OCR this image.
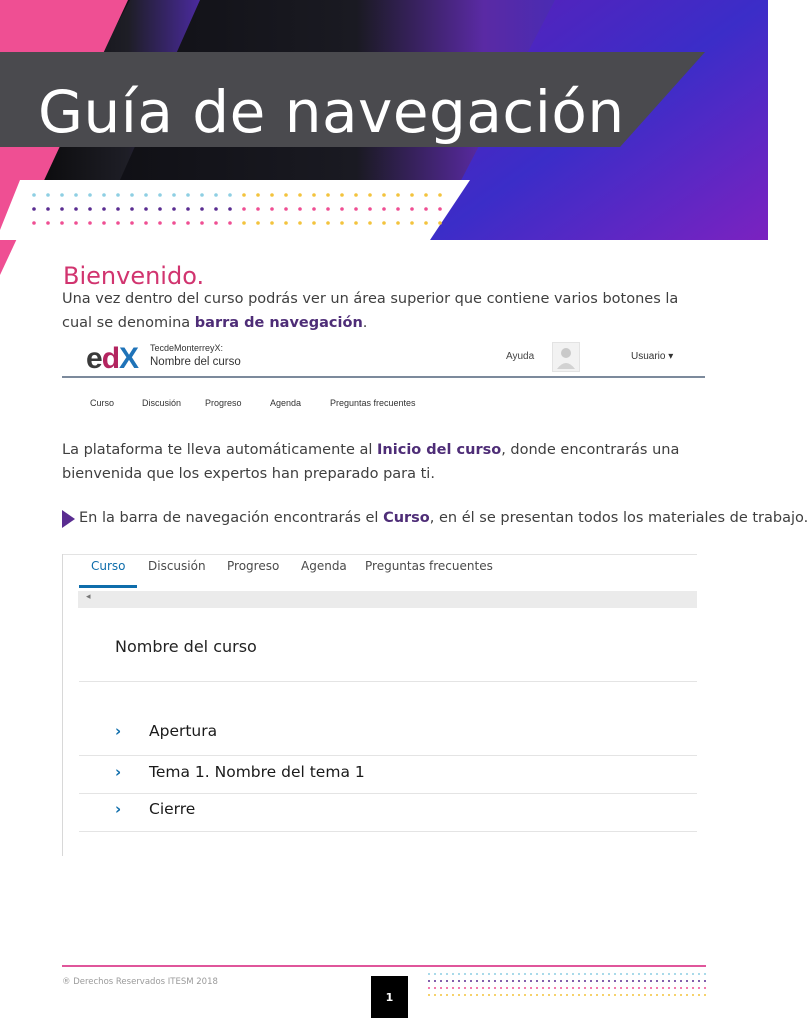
Guía de navegación
Bienvenido.
Una vez dentro del curso podrás ver un área superior que contiene varios botones la cual se denomina barra de navegación.
edX TecdeMonterreyX:
Nombre del curso	Ayuda	Usuario ▾
Curso	Discusión	Progreso	Agenda	Preguntas frecuentes
La plataforma te lleva automáticamente al Inicio del curso, donde encontrarás una bienvenida que los expertos han preparado para ti.
En la barra de navegación encontrarás el Curso, en él se presentan todos los materiales de trabajo.
Curso Discusión Progreso Agenda Preguntas frecuentes
◂
Nombre del curso
› Apertura
› Tema 1. Nombre del tema 1
› Cierre
® Derechos Reservados ITESM 2018
1
